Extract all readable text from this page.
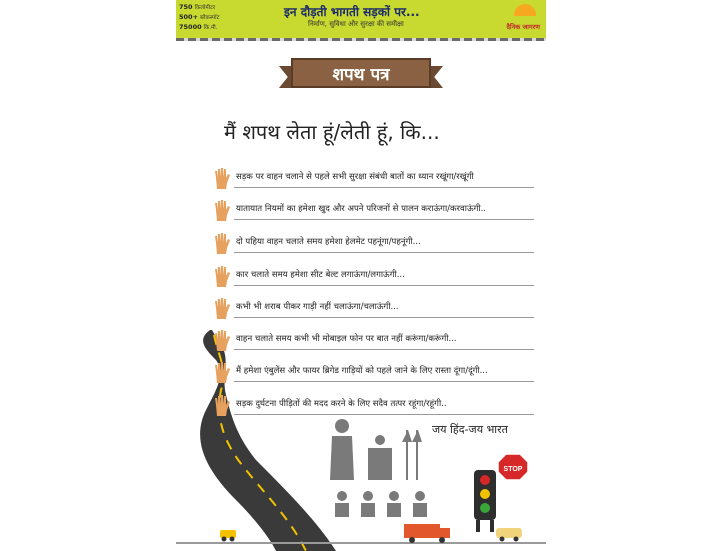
750 किलोमीटर
500+ ब्लैकस्पॉट
75000 कि.मी.
इन दौड़ती भागती सड़कों पर...
निर्माण, सुविधा और सुरक्षा की समीक्षा	दैनिक जागरण
शपथ पत्र
मैं शपथ लेता हूं/लेती हूं, कि...
STOP
सड़क पर वाहन चलाने से पहले सभी सुरक्षा संबंधी बातों का ध्यान रखूंगा/रखूंगी
यातायात नियमों का हमेशा खुद और अपने परिजनों से पालन कराऊंगा/करवाऊंगी..
दो पहिया वाहन चलाते समय हमेशा हेलमेट पहनूंगा/पहनूंगी...
कार चलाते समय हमेशा सीट बेल्ट लगाऊंगा/लगाऊंगी...
कभी भी शराब पीकर गाड़ी नहीं चलाऊंगा/चलाऊंगी...
वाहन चलाते समय कभी भी मोबाइल फोन पर बात नहीं करूंगा/करूंगी...
मैं हमेशा एंबुलेंस और फायर ब्रिगेड गाड़ियों को पहले जाने के लिए रास्ता दूंगा/दूंगी...
सड़क दुर्घटना पीड़ितों की मदद करने के लिए सदैव तत्पर रहूंगा/रहूंगी..
जय हिंद-जय भारत
